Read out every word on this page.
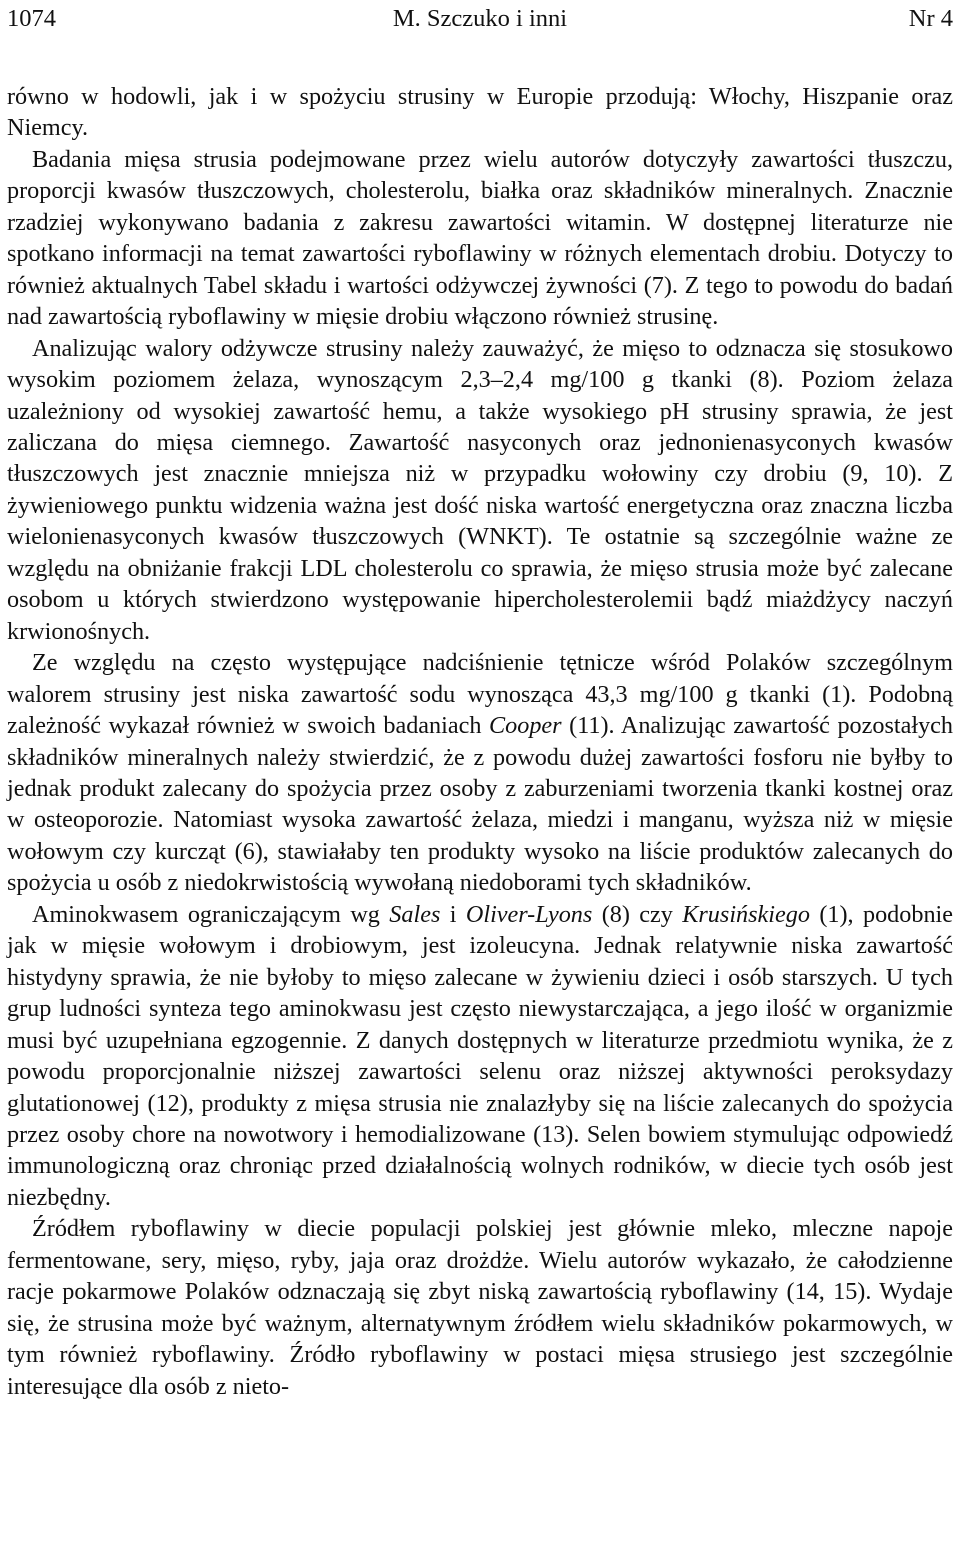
1074	M. Szczuko i inni	Nr 4

równo w hodowli, jak i w spożyciu strusiny w Europie przodują: Włochy, Hiszpanie oraz Niemcy.

Badania mięsa strusia podejmowane przez wielu autorów dotyczyły zawartości tłuszczu, proporcji kwasów tłuszczowych, cholesterolu, białka oraz składników mineralnych. Znacznie rzadziej wykonywano badania z zakresu zawartości witamin. W dostępnej literaturze nie spotkano informacji na temat zawartości ryboflawiny w różnych elementach drobiu. Dotyczy to również aktualnych Tabel składu i wartości odżywczej żywności (7). Z tego to powodu do badań nad zawartością ryboflawiny w mięsie drobiu włączono również strusinę.

Analizując walory odżywcze strusiny należy zauważyć, że mięso to odznacza się stosukowo wysokim poziomem żelaza, wynoszącym 2,3–2,4 mg/100 g tkanki (8). Poziom żelaza uzależniony od wysokiej zawartość hemu, a także wysokiego pH strusiny sprawia, że jest zaliczana do mięsa ciemnego. Zawartość nasyconych oraz jednonienasyconych kwasów tłuszczowych jest znacznie mniejsza niż w przypadku wołowiny czy drobiu (9, 10). Z żywieniowego punktu widzenia ważna jest dość niska wartość energetyczna oraz znaczna liczba wielonienasyconych kwasów tłuszczowych (WNKT). Te ostatnie są szczególnie ważne ze względu na obniżanie frakcji LDL cholesterolu co sprawia, że mięso strusia może być zalecane osobom u których stwierdzono występowanie hipercholesterolemii bądź miażdżycy naczyń krwionośnych.

Ze względu na często występujące nadciśnienie tętnicze wśród Polaków szczególnym walorem strusiny jest niska zawartość sodu wynosząca 43,3 mg/100 g tkanki (1). Podobną zależność wykazał również w swoich badaniach Cooper (11). Analizując zawartość pozostałych składników mineralnych należy stwierdzić, że z powodu dużej zawartości fosforu nie byłby to jednak produkt zalecany do spożycia przez osoby z zaburzeniami tworzenia tkanki kostnej oraz w osteoporozie. Natomiast wysoka zawartość żelaza, miedzi i manganu, wyższa niż w mięsie wołowym czy kurcząt (6), stawiałaby ten produkty wysoko na liście produktów zalecanych do spożycia u osób z niedokrwistością wywołaną niedoborami tych składników.

Aminokwasem ograniczającym wg Sales i Oliver-Lyons (8) czy Krusińskiego (1), podobnie jak w mięsie wołowym i drobiowym, jest izoleucyna. Jednak relatywnie niska zawartość histydyny sprawia, że nie byłoby to mięso zalecane w żywieniu dzieci i osób starszych. U tych grup ludności synteza tego aminokwasu jest często niewystarczająca, a jego ilość w organizmie musi być uzupełniana egzogennie. Z danych dostępnych w literaturze przedmiotu wynika, że z powodu proporcjonalnie niższej zawartości selenu oraz niższej aktywności peroksydazy glutationowej (12), produkty z mięsa strusia nie znalazłyby się na liście zalecanych do spożycia przez osoby chore na nowotwory i hemodializowane (13). Selen bowiem stymulując odpowiedź immunologiczną oraz chroniąc przed działalnością wolnych rodników, w diecie tych osób jest niezbędny.

Źródłem ryboflawiny w diecie populacji polskiej jest głównie mleko, mleczne napoje fermentowane, sery, mięso, ryby, jaja oraz drożdże. Wielu autorów wykazało, że całodzienne racje pokarmowe Polaków odznaczają się zbyt niską zawartością ryboflawiny (14, 15). Wydaje się, że strusina może być ważnym, alternatywnym źródłem wielu składników pokarmowych, w tym również ryboflawiny. Źródło ryboflawiny w postaci mięsa strusiego jest szczególnie interesujące dla osób z nieto-
